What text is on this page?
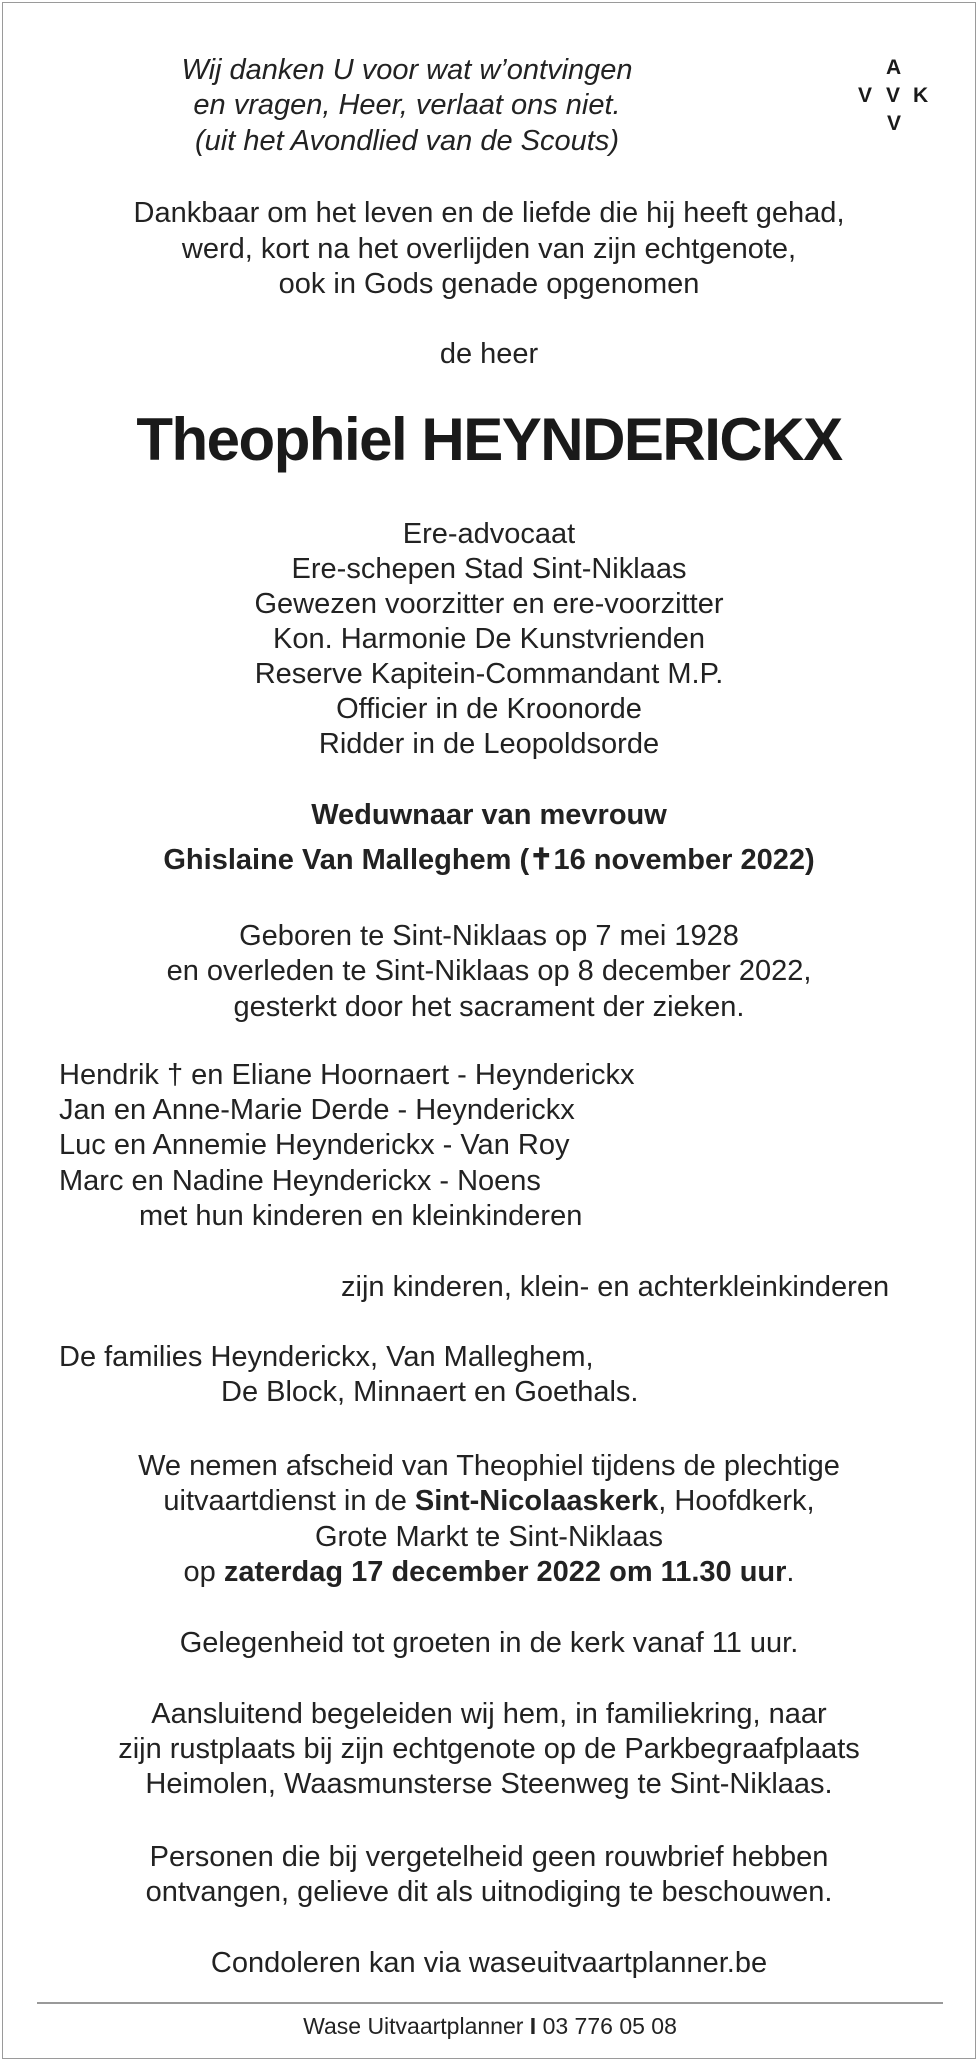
A
V V K
V
Wij danken U voor wat w’ontvingen
en vragen, Heer, verlaat ons niet.
(uit het Avondlied van de Scouts)
Dankbaar om het leven en de liefde die hij heeft gehad,
werd, kort na het overlijden van zijn echtgenote,
ook in Gods genade opgenomen
de heer
Theophiel HEYNDERICKX
Ere-advocaat
Ere-schepen Stad Sint-Niklaas
Gewezen voorzitter en ere-voorzitter
Kon. Harmonie De Kunstvrienden
Reserve Kapitein-Commandant M.P.
Officier in de Kroonorde
Ridder in de Leopoldsorde
Weduwnaar van mevrouw
Ghislaine Van Malleghem (✝16 november 2022)
Geboren te Sint-Niklaas op 7 mei 1928
en overleden te Sint-Niklaas op 8 december 2022,
gesterkt door het sacrament der zieken.
Hendrik † en Eliane Hoornaert - Heynderickx
Jan en Anne-Marie Derde - Heynderickx
Luc en Annemie Heynderickx - Van Roy
Marc en Nadine Heynderickx - Noens
met hun kinderen en kleinkinderen
zijn kinderen, klein- en achterkleinkinderen
De families Heynderickx, Van Malleghem,
De Block, Minnaert en Goethals.
We nemen afscheid van Theophiel tijdens de plechtige
uitvaartdienst in de Sint-Nicolaaskerk, Hoofdkerk,
Grote Markt te Sint-Niklaas
op zaterdag 17 december 2022 om 11.30 uur.
Gelegenheid tot groeten in de kerk vanaf 11 uur.
Aansluitend begeleiden wij hem, in familiekring, naar
zijn rustplaats bij zijn echtgenote op de Parkbegraafplaats
Heimolen, Waasmunsterse Steenweg te Sint-Niklaas.
Personen die bij vergetelheid geen rouwbrief hebben
ontvangen, gelieve dit als uitnodiging te beschouwen.
Condoleren kan via waseuitvaartplanner.be
Wase Uitvaartplanner I 03 776 05 08
